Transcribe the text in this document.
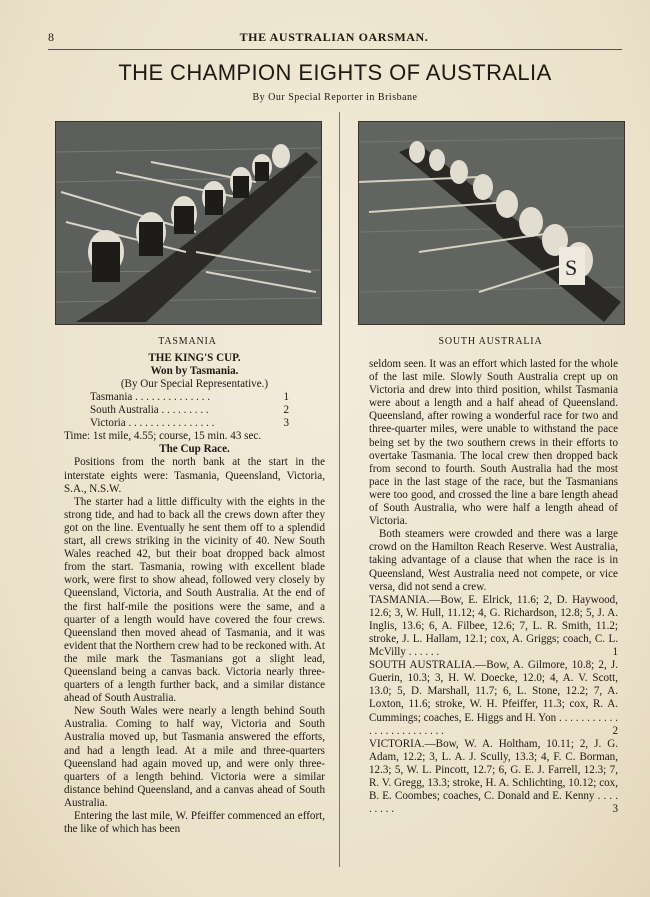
8	THE AUSTRALIAN OARSMAN.
THE CHAMPION EIGHTS OF AUSTRALIA
By Our Special Reporter in Brisbane
S
TASMANIA	SOUTH AUSTRALIA

THE KING'S CUP.

Won by Tasmania.

(By Our Special Representative.)

Tasmania . . . . . . . . . . . . . .	1
South Australia . . . . . . . . .	2
Victoria . . . . . . . . . . . . . . . .	3

Time: 1st mile, 4.55; course, 15 min. 43 sec.

The Cup Race.

Positions from the north bank at the start in the interstate eights were: Tasmania, Queensland, Victoria, S.A., N.S.W.

The starter had a little difficulty with the eights in the strong tide, and had to back all the crews down after they got on the line. Eventually he sent them off to a splendid start, all crews striking in the vicinity of 40. New South Wales reached 42, but their boat dropped back almost from the start. Tasmania, rowing with excellent blade work, were first to show ahead, followed very closely by Queensland, Victoria, and South Australia. At the end of the first half-mile the positions were the same, and a quarter of a length would have covered the four crews. Queensland then moved ahead of Tasmania, and it was evident that the Northern crew had to be reckoned with. At the mile mark the Tasmanians got a slight lead, Queensland being a canvas back. Victoria nearly three-quarters of a length further back, and a similar distance ahead of South Australia.

New South Wales were nearly a length behind South Australia. Coming to half way, Victoria and South Australia moved up, but Tasmania answered the efforts, and had a length lead. At a mile and three-quarters Queensland had again moved up, and were only three-quarters of a length behind. Victoria were a similar distance behind Queensland, and a canvas ahead of South Australia.

Entering the last mile, W. Pfeiffer commenced an effort, the like of which has been

seldom seen. It was an effort which lasted for the whole of the last mile. Slowly South Australia crept up on Victoria and drew into third position, whilst Tasmania were about a length and a half ahead of Queensland. Queensland, after rowing a wonderful race for two and three-quarter miles, were unable to withstand the pace being set by the two southern crews in their efforts to overtake Tasmania. The local crew then dropped back from second to fourth. South Australia had the most pace in the last stage of the race, but the Tasmanians were too good, and crossed the line a bare length ahead of South Australia, who were half a length ahead of Victoria.

Both steamers were crowded and there was a large crowd on the Hamilton Reach Reserve. West Australia, taking advantage of a clause that when the race is in Queensland, West Australia need not compete, or vice versa, did not send a crew.

TASMANIA.—Bow, E. Elrick, 11.6; 2, D. Haywood, 12.6; 3, W. Hull, 11.12; 4, G. Richardson, 12.8; 5, J. A. Inglis, 13.6; 6, A. Filbee, 12.6; 7, L. R. Smith, 11.2; stroke, J. L. Hallam, 12.1; cox, A. Griggs; coach, C. L. McVilly . . . . . .	1

SOUTH AUSTRALIA.—Bow, A. Gilmore, 10.8; 2, J. Guerin, 10.3; 3, H. W. Doecke, 12.0; 4, A. V. Scott, 13.0; 5, D. Marshall, 11.7; 6, L. Stone, 12.2; 7, A. Loxton, 11.6; stroke, W. H. Pfeiffer, 11.3; cox, R. A. Cummings; coaches, E. Higgs and H. Yon . . . . . . . . . . . . . . . . . . . . . . . . .	2

VICTORIA.—Bow, W. A. Holtham, 10.11; 2, J. G. Adam, 12.2; 3, L. A. J. Scully, 13.3; 4, F. C. Borman, 12.3; 5, W. L. Pincott, 12.7; 6, G. E. J. Farrell, 12.3; 7, R. V. Gregg, 13.3; stroke, H. A. Schlichting, 10.12; cox, B. E. Coombes; coaches, C. Donald and E. Kenny . . . . . . . . .	3
